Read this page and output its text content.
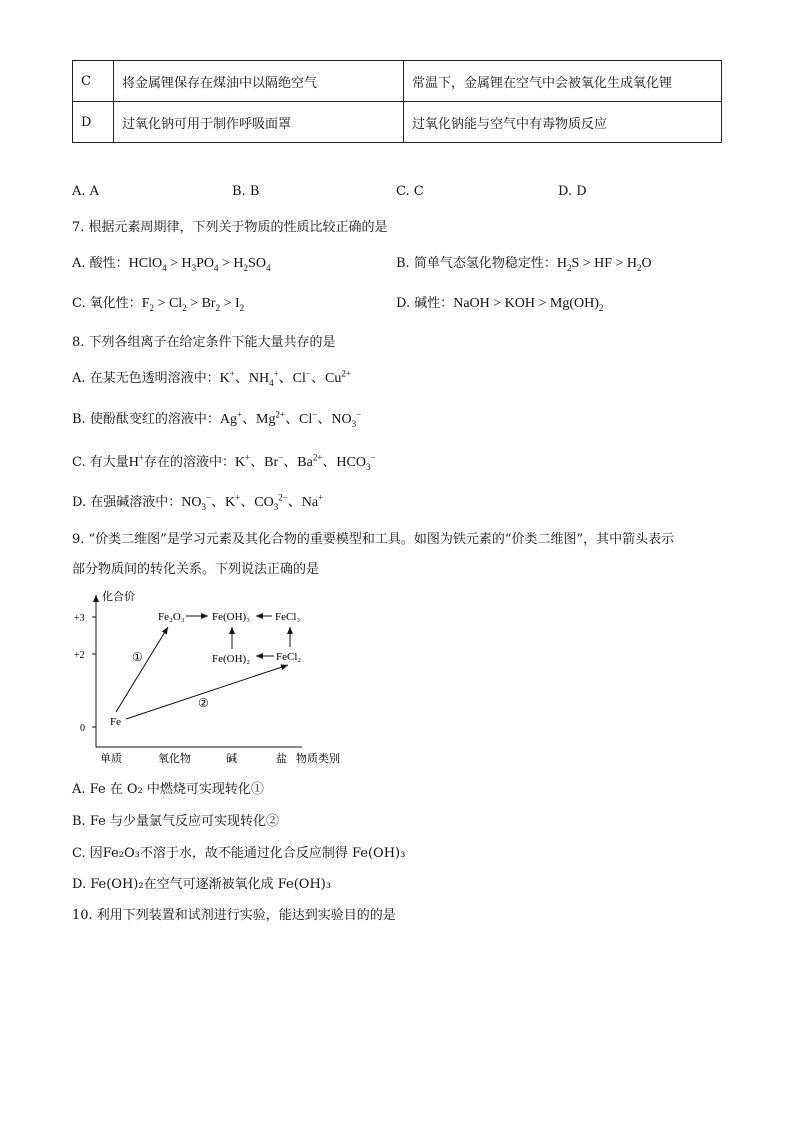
C	将金属锂保存在煤油中以隔绝空气	常温下，金属锂在空气中会被氧化生成氧化锂
D	过氧化钠可用于制作呼吸面罩	过氧化钠能与空气中有毒物质反应
A. A	B. B	C. C	D. D
7. 根据元素周期律，下列关于物质的性质比较正确的是
A. 酸性：HClO$_4$ > $H_3PO_4 > H_2SO_4$	B. 简单气态氢化物稳定性：$H_2S$ > HF > $H_2O$
C. 氧化性：$F_2 > Cl_2 > Br_2 > I_2$	D. 碱性：NaOH > KOH > $Mg(OH)_2$
8. 下列各组离子在给定条件下能大量共存的是
A. 在某无色透明溶液中：K+、$NH_4^+$、Cl−、$Cu^{2+}$
B. 使酚酞变红的溶液中：Ag+、$Mg^{2+}$、Cl−、$NO_3^-$
C. 有大量H+存在的溶液中：K+、Br−、$Ba^{2+}$、$HCO_3^-$
D. 在强碱溶液中：$NO_3^-$、K+、$CO_3^{2-}$、Na+
9. “价类二维图”是学习元素及其化合物的重要模型和工具。如图为铁元素的“价类二维图”，其中箭头表示
部分物质间的转化关系。下列说法正确的是
化合价
+3
+2
0
单质	氧化物	碱	盐 物质类别
Fe
Fe₂O₃ Fe(OH)₃ FeCl₃
Fe(OH)₂ FeCl₂
①
②
A. Fe 在 O₂ 中燃烧可实现转化①
B. Fe 与少量氯气反应可实现转化②
C. 因Fe₂O₃不溶于水，故不能通过化合反应制得 Fe(OH)₃
D. Fe(OH)₂在空气可逐渐被氧化成 Fe(OH)₃
10. 利用下列装置和试剂进行实验，能达到实验目的的是
